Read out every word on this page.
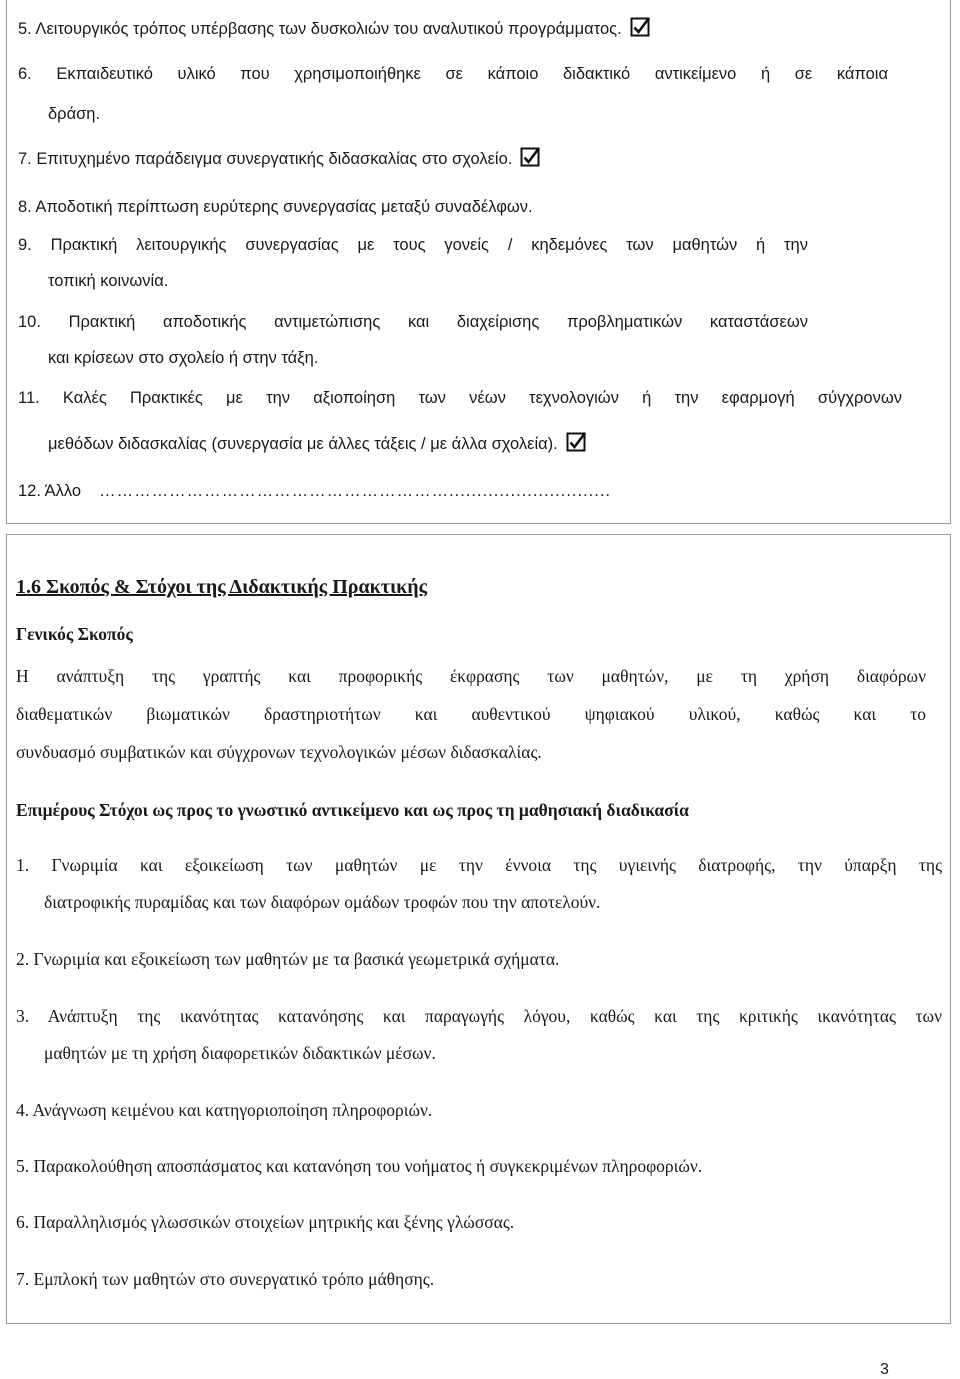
5. Λειτουργικός τρόπος υπέρβασης των δυσκολιών του αναλυτικού προγράμματος.
6. Εκπαιδευτικό υλικό που χρησιμοποιήθηκε σε κάποιο διδακτικό αντικείμενο ή σε κάποια
δράση.
7. Επιτυχημένο παράδειγμα συνεργατικής διδασκαλίας στο σχολείο.
8. Αποδοτική περίπτωση ευρύτερης συνεργασίας μεταξύ συναδέλφων.
9. Πρακτική λειτουργικής συνεργασίας με τους γονείς / κηδεμόνες των μαθητών ή την
τοπική κοινωνία.
10. Πρακτική αποδοτικής αντιμετώπισης και διαχείρισης προβληματικών καταστάσεων
και κρίσεων στο σχολείο ή στην τάξη.
11. Καλές Πρακτικές με την αξιοποίηση των νέων τεχνολογιών ή την εφαρμογή σύγχρονων
μεθόδων διδασκαλίας (συνεργασία με άλλες τάξεις / με άλλα σχολεία).
12. Άλλο …………………………………………………….............................
1.6 Σκοπός & Στόχοι της Διδακτικής Πρακτικής
Γενικός Σκοπός
Η ανάπτυξη της γραπτής και προφορικής έκφρασης των μαθητών, με τη χρήση διαφόρων
διαθεματικών βιωματικών δραστηριοτήτων και αυθεντικού ψηφιακού υλικού, καθώς και το
συνδυασμό συμβατικών και σύγχρονων τεχνολογικών μέσων διδασκαλίας.
Επιμέρους Στόχοι ως προς το γνωστικό αντικείμενο και ως προς τη μαθησιακή διαδικασία
1. Γνωριμία και εξοικείωση των μαθητών με την έννοια της υγιεινής διατροφής, την ύπαρξη της
διατροφικής πυραμίδας και των διαφόρων ομάδων τροφών που την αποτελούν.
2. Γνωριμία και εξοικείωση των μαθητών με τα βασικά γεωμετρικά σχήματα.
3. Ανάπτυξη της ικανότητας κατανόησης και παραγωγής λόγου, καθώς και της κριτικής ικανότητας των
μαθητών με τη χρήση διαφορετικών διδακτικών μέσων.
4. Ανάγνωση κειμένου και κατηγοριοποίηση πληροφοριών.
5. Παρακολούθηση αποσπάσματος και κατανόηση του νοήματος ή συγκεκριμένων πληροφοριών.
6. Παραλληλισμός γλωσσικών στοιχείων μητρικής και ξένης γλώσσας.
7. Εμπλοκή των μαθητών στο συνεργατικό τρόπο μάθησης.
3
